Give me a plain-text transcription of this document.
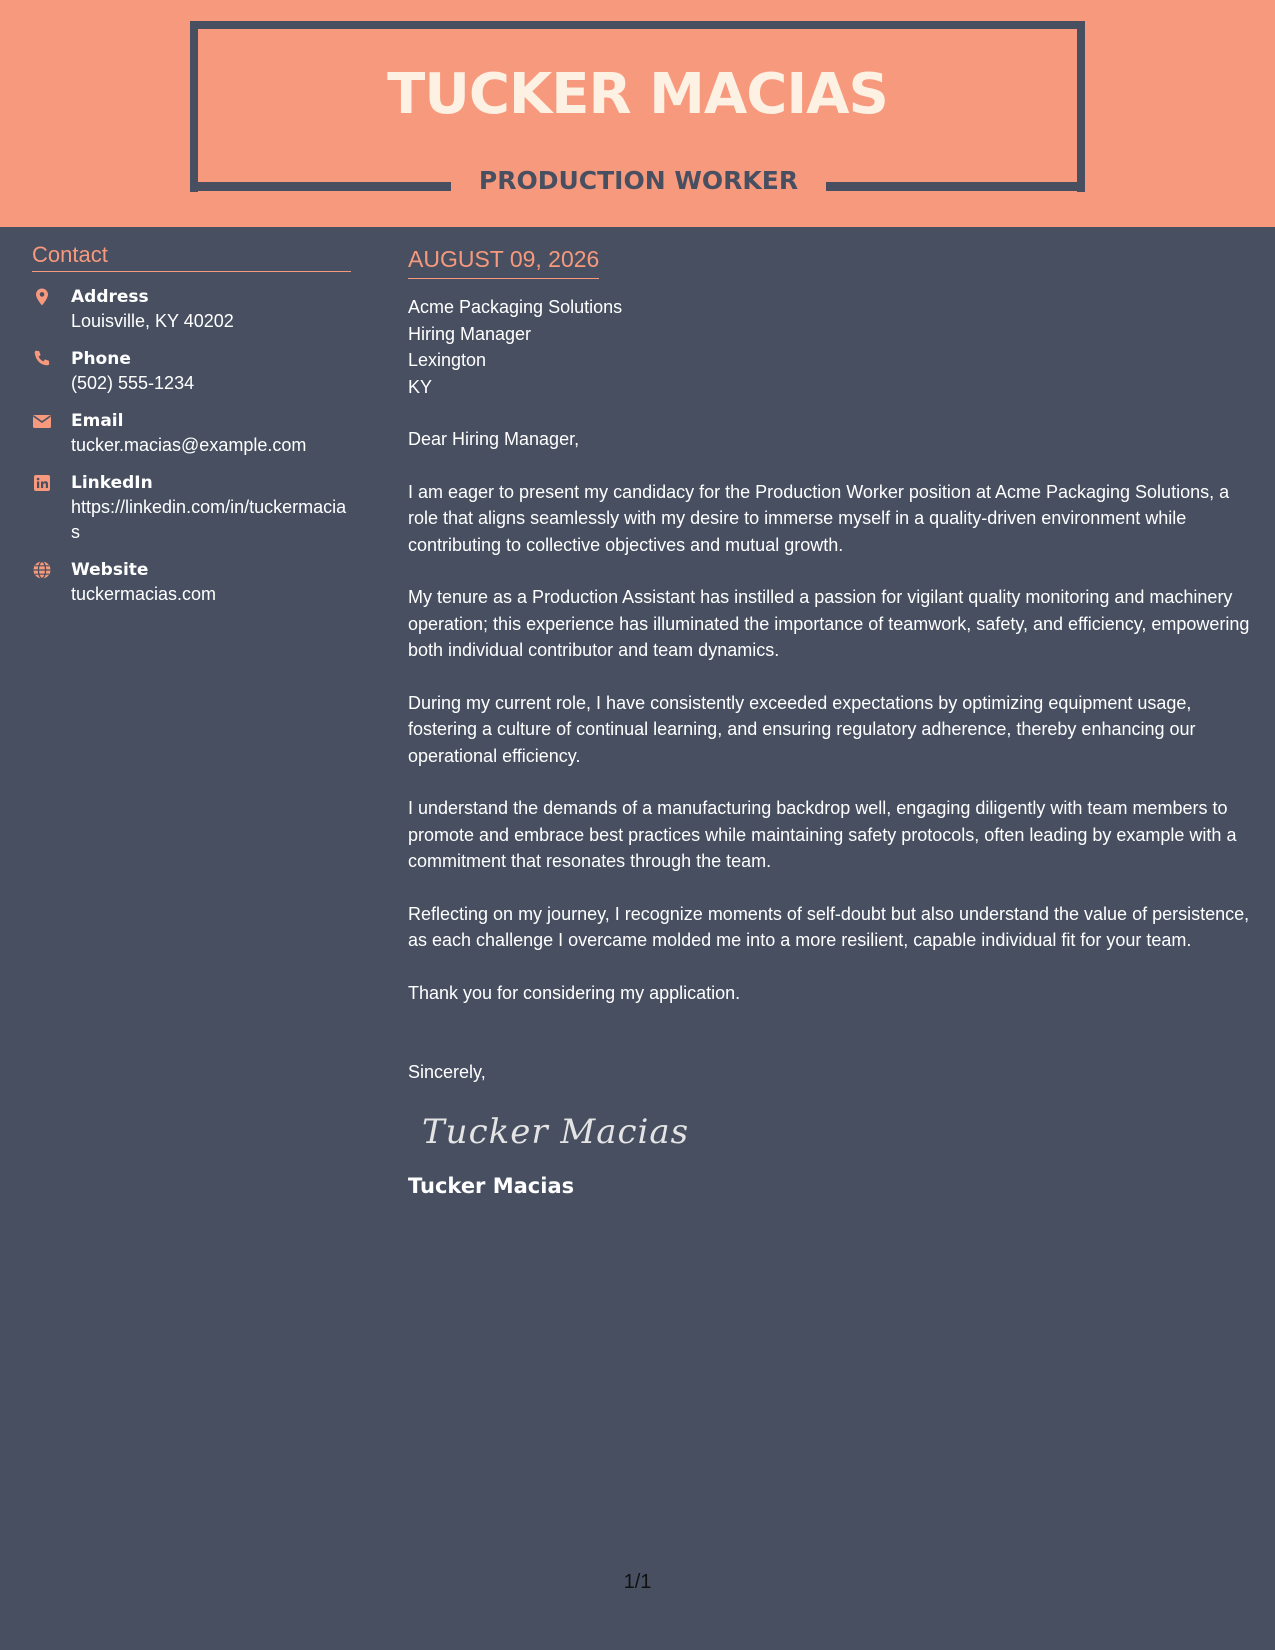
TUCKER MACIAS
PRODUCTION WORKER
Contact
Address
Louisville, KY 40202
Phone
(502) 555-1234
Email
tucker.macias@example.com
LinkedIn
https://linkedin.com/in/tuckermacias
Website
tuckermacias.com
AUGUST 09, 2026
Acme Packaging Solutions
Hiring Manager
Lexington
KY
Dear Hiring Manager,
I am eager to present my candidacy for the Production Worker position at Acme Packaging Solutions, a role that aligns seamlessly with my desire to immerse myself in a quality-driven environment while contributing to collective objectives and mutual growth.
My tenure as a Production Assistant has instilled a passion for vigilant quality monitoring and machinery operation; this experience has illuminated the importance of teamwork, safety, and efficiency, empowering both individual contributor and team dynamics.
During my current role, I have consistently exceeded expectations by optimizing equipment usage, fostering a culture of continual learning, and ensuring regulatory adherence, thereby enhancing our operational efficiency.
I understand the demands of a manufacturing backdrop well, engaging diligently with team members to promote and embrace best practices while maintaining safety protocols, often leading by example with a commitment that resonates through the team.
Reflecting on my journey, I recognize moments of self-doubt but also understand the value of persistence, as each challenge I overcame molded me into a more resilient, capable individual fit for your team.
Thank you for considering my application.
Sincerely,
Tucker Macias
Tucker Macias
1/1
